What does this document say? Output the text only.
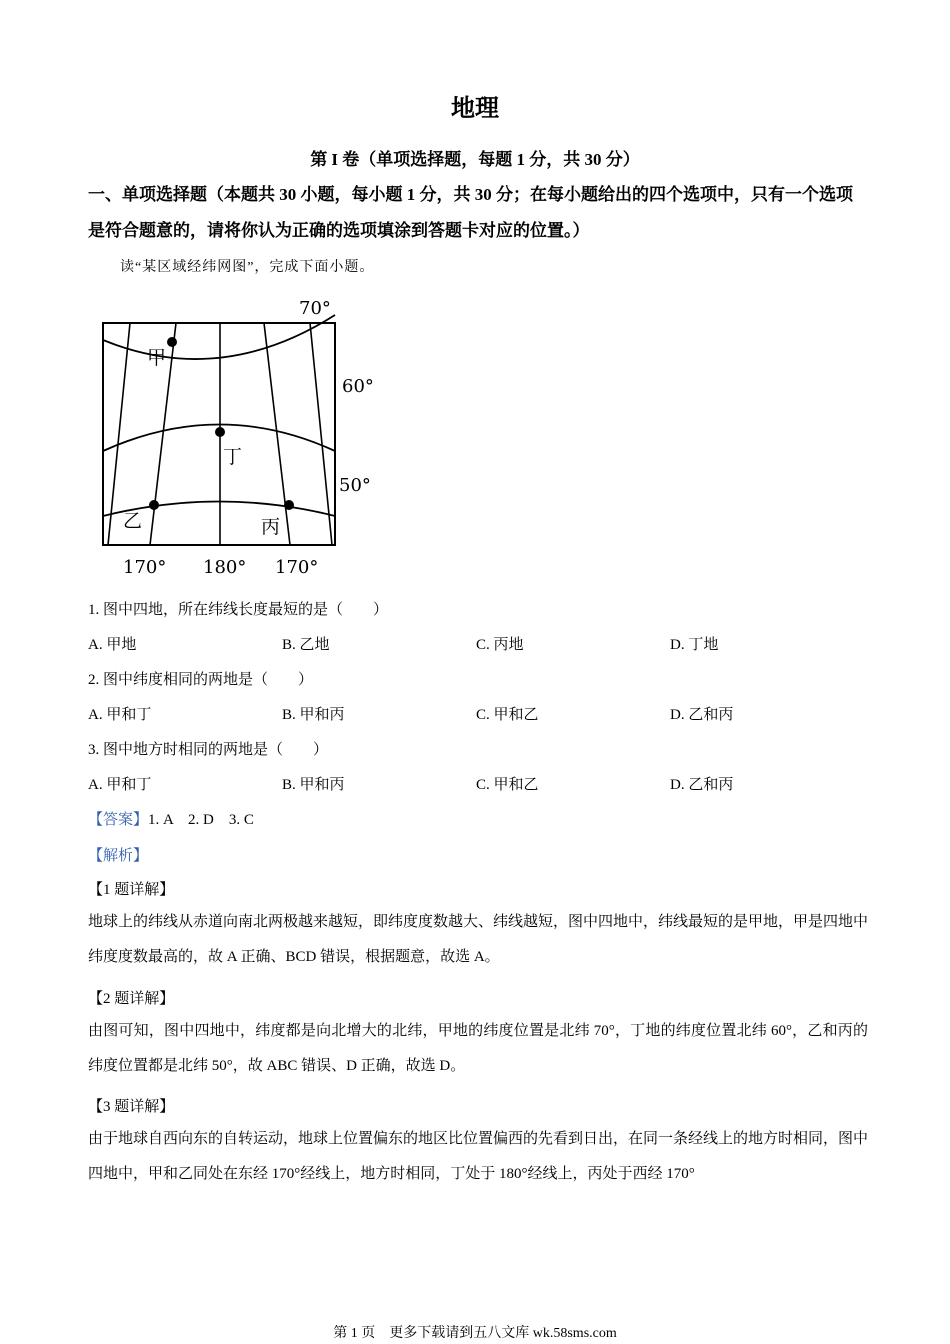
地理
第 I 卷（单项选择题，每题 1 分，共 30 分）
一、单项选择题（本题共 30 小题，每小题 1 分，共 30 分；在每小题给出的四个选项中，只有一个选项是符合题意的，请将你认为正确的选项填涂到答题卡对应的位置。）
读“某区域经纬网图”，完成下面小题。
甲
乙	丙
丁
70°
60°
50°
170° 180° 170°
1. 图中四地，所在纬线长度最短的是（　　）
A. 甲地	B. 乙地	C. 丙地	D. 丁地
2. 图中纬度相同的两地是（　　）
A. 甲和丁	B. 甲和丙	C. 甲和乙	D. 乙和丙
3. 图中地方时相同的两地是（　　）
A. 甲和丁	B. 甲和丙	C. 甲和乙	D. 乙和丙
【答案】1. A　2. D　3. C
【解析】
【1 题详解】
地球上的纬线从赤道向南北两极越来越短，即纬度度数越大、纬线越短，图中四地中，纬线最短的是甲地，甲是四地中纬度度数最高的，故 A 正确、BCD 错误，根据题意，故选 A。
【2 题详解】
由图可知，图中四地中，纬度都是向北增大的北纬，甲地的纬度位置是北纬 70°，丁地的纬度位置北纬 60°，乙和丙的纬度位置都是北纬 50°，故 ABC 错误、D 正确，故选 D。
【3 题详解】
由于地球自西向东的自转运动，地球上位置偏东的地区比位置偏西的先看到日出，在同一条经线上的地方时相同，图中四地中，甲和乙同处在东经 170°经线上，地方时相同，丁处于 180°经线上，丙处于西经 170°
第 1 页　更多下载请到五八文库 wk.58sms.com
